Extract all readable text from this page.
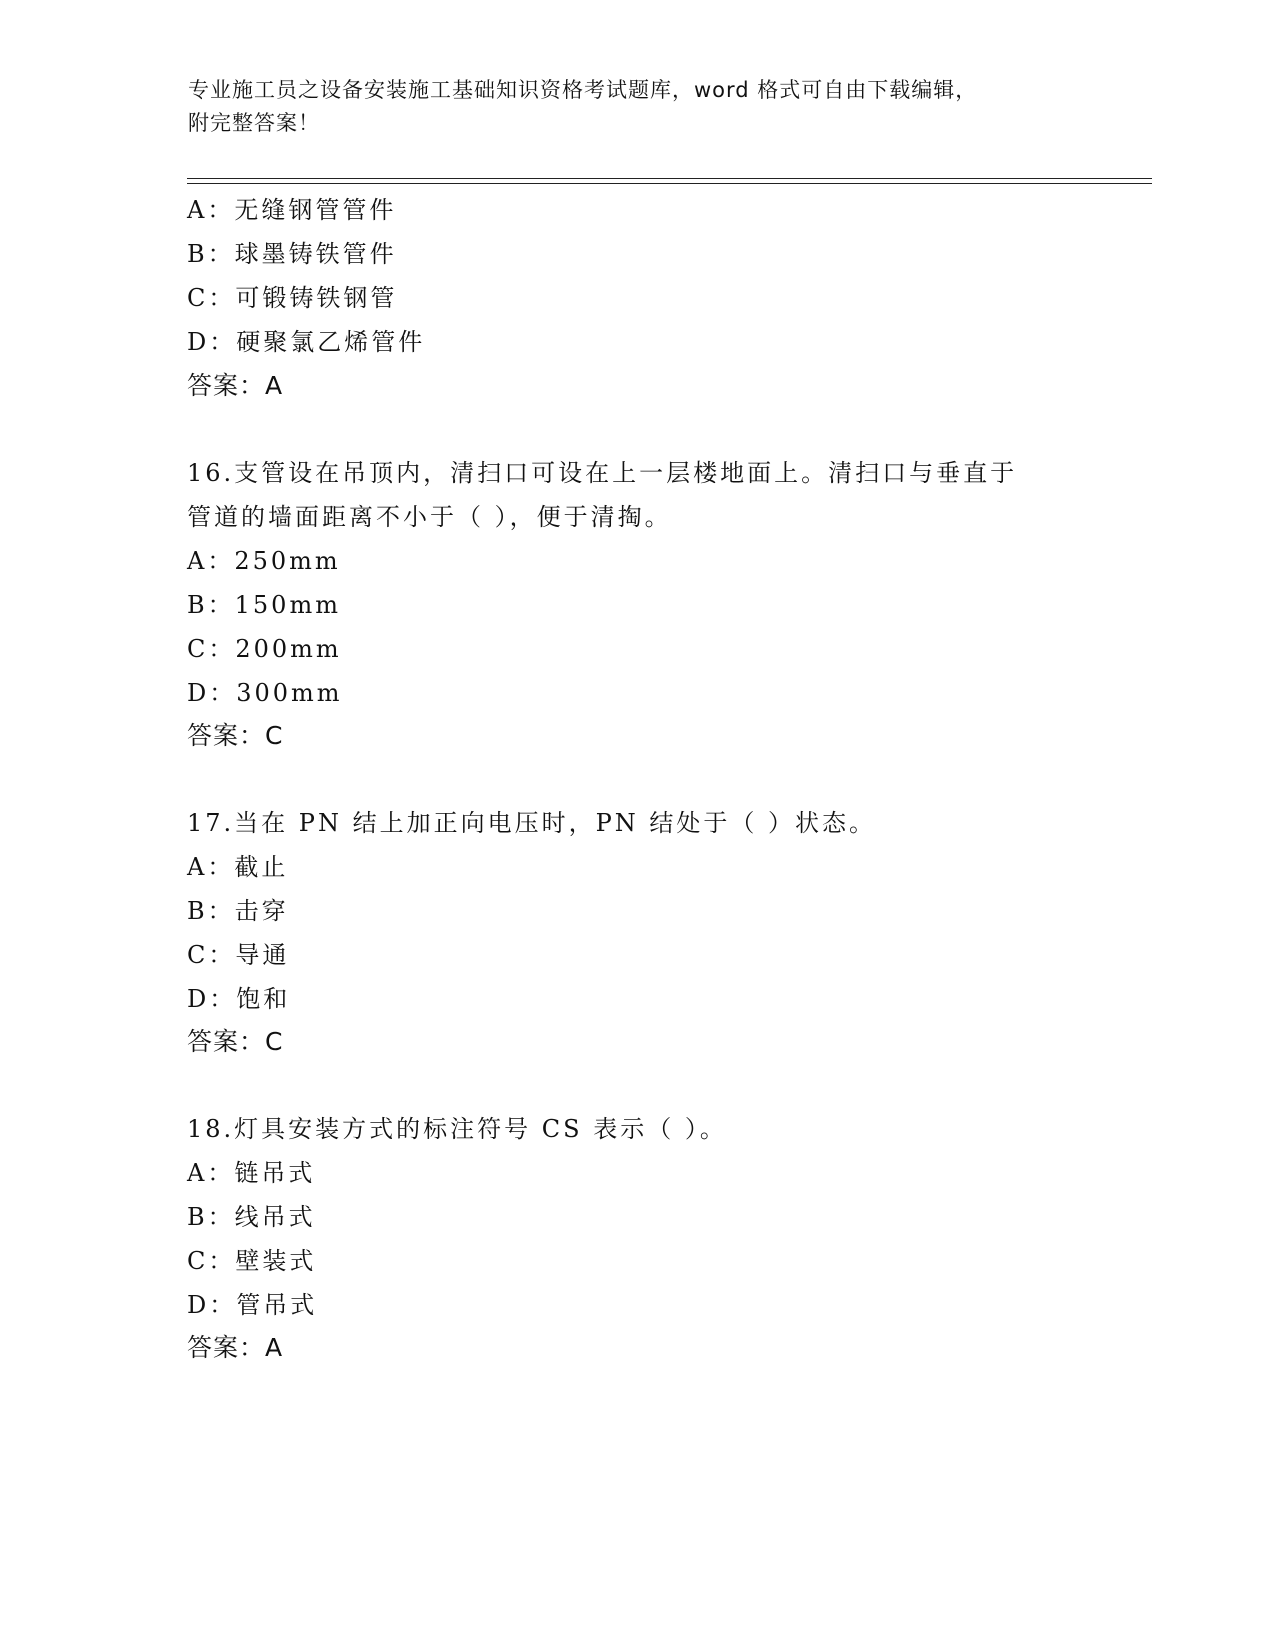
专业施工员之设备安装施工基础知识资格考试题库，word 格式可自由下载编辑，
附完整答案！
A：无缝钢管管件
B：球墨铸铁管件
C：可锻铸铁钢管
D：硬聚氯乙烯管件
答案：A
16.支管设在吊顶内，清扫口可设在上一层楼地面上。清扫口与垂直于
管道的墙面距离不小于（ ），便于清掏。
A：250mm
B：150mm
C：200mm
D：300mm
答案：C
17.当在 PN 结上加正向电压时，PN 结处于（ ）状态。
A：截止
B：击穿
C：导通
D：饱和
答案：C
18.灯具安装方式的标注符号 CS 表示（ ）。
A：链吊式
B：线吊式
C：壁装式
D：管吊式
答案：A
